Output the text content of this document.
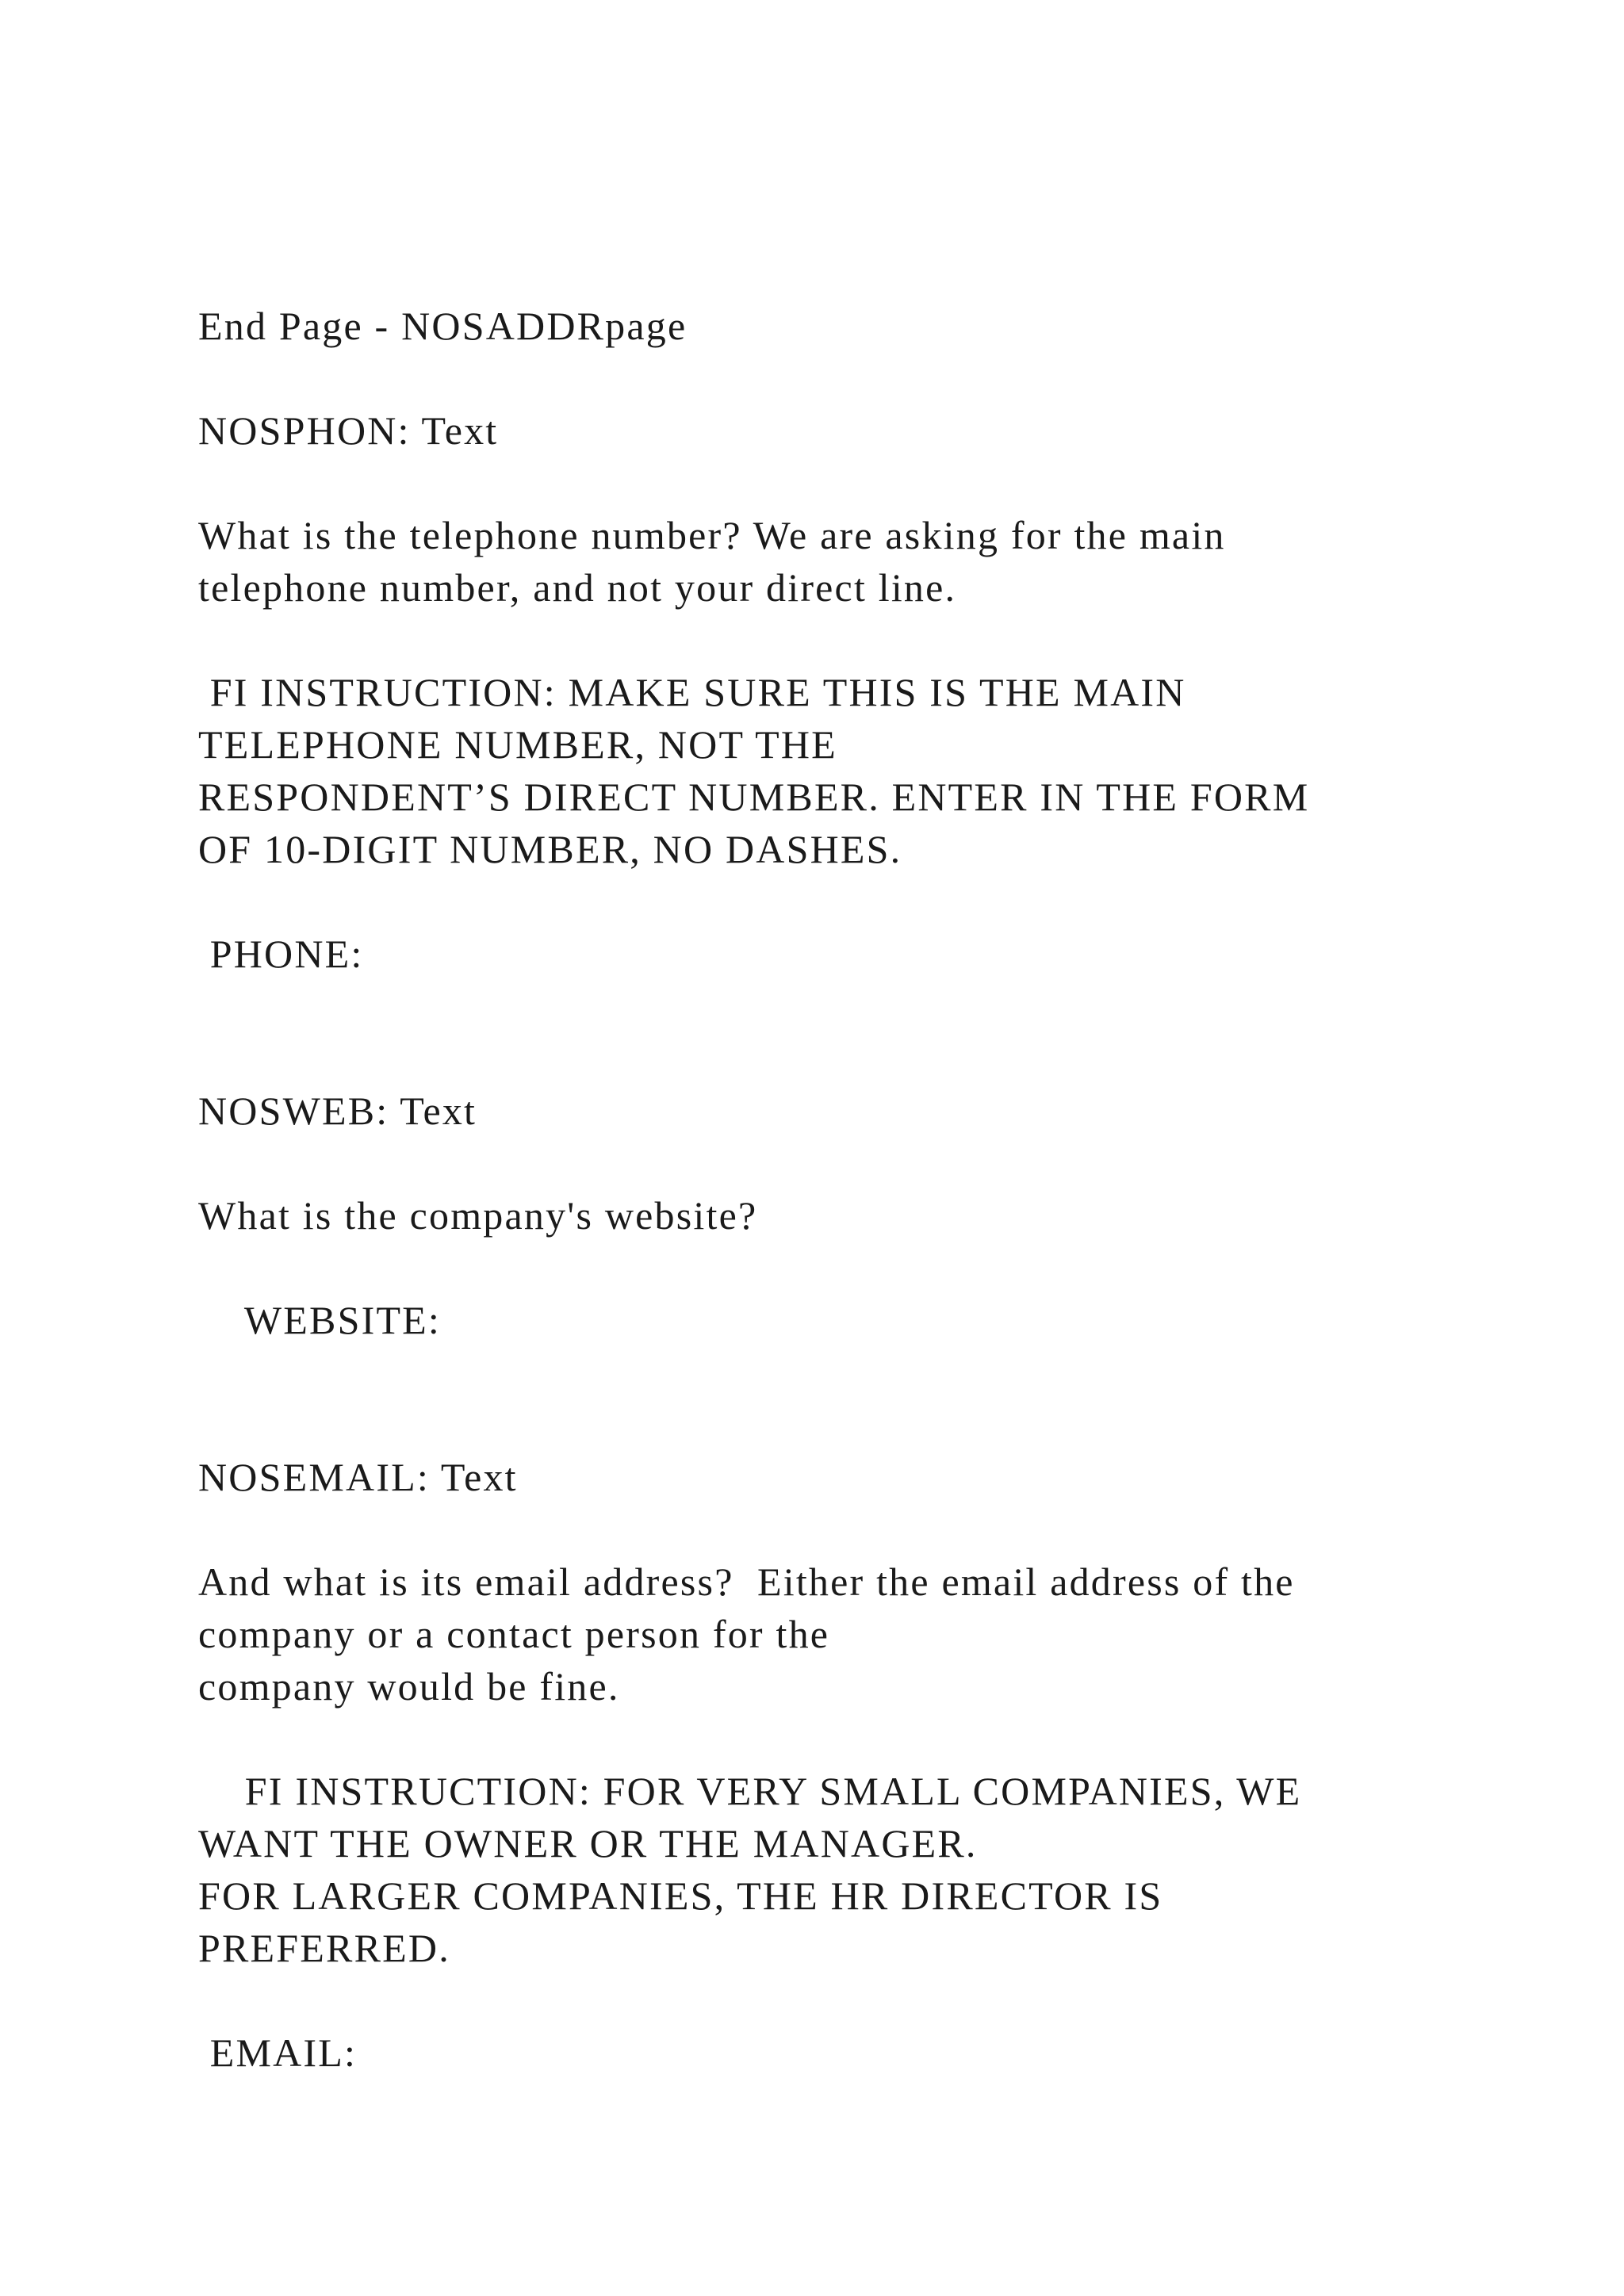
End Page - NOSADDRpage

NOSPHON: Text

What is the telephone number? We are asking for the main

telephone number, and not your direct line.

FI INSTRUCTION: MAKE SURE THIS IS THE MAIN

TELEPHONE NUMBER, NOT THE

RESPONDENT’S DIRECT NUMBER. ENTER IN THE FORM

OF 10-DIGIT NUMBER, NO DASHES.

PHONE:

NOSWEB: Text

What is the company's website?

WEBSITE:

NOSEMAIL: Text

And what is its email address?  Either the email address of the

company or a contact person for the

company would be fine.

FI INSTRUCTION: FOR VERY SMALL COMPANIES, WE

WANT THE OWNER OR THE MANAGER.

FOR LARGER COMPANIES, THE HR DIRECTOR IS

PREFERRED.

EMAIL:
